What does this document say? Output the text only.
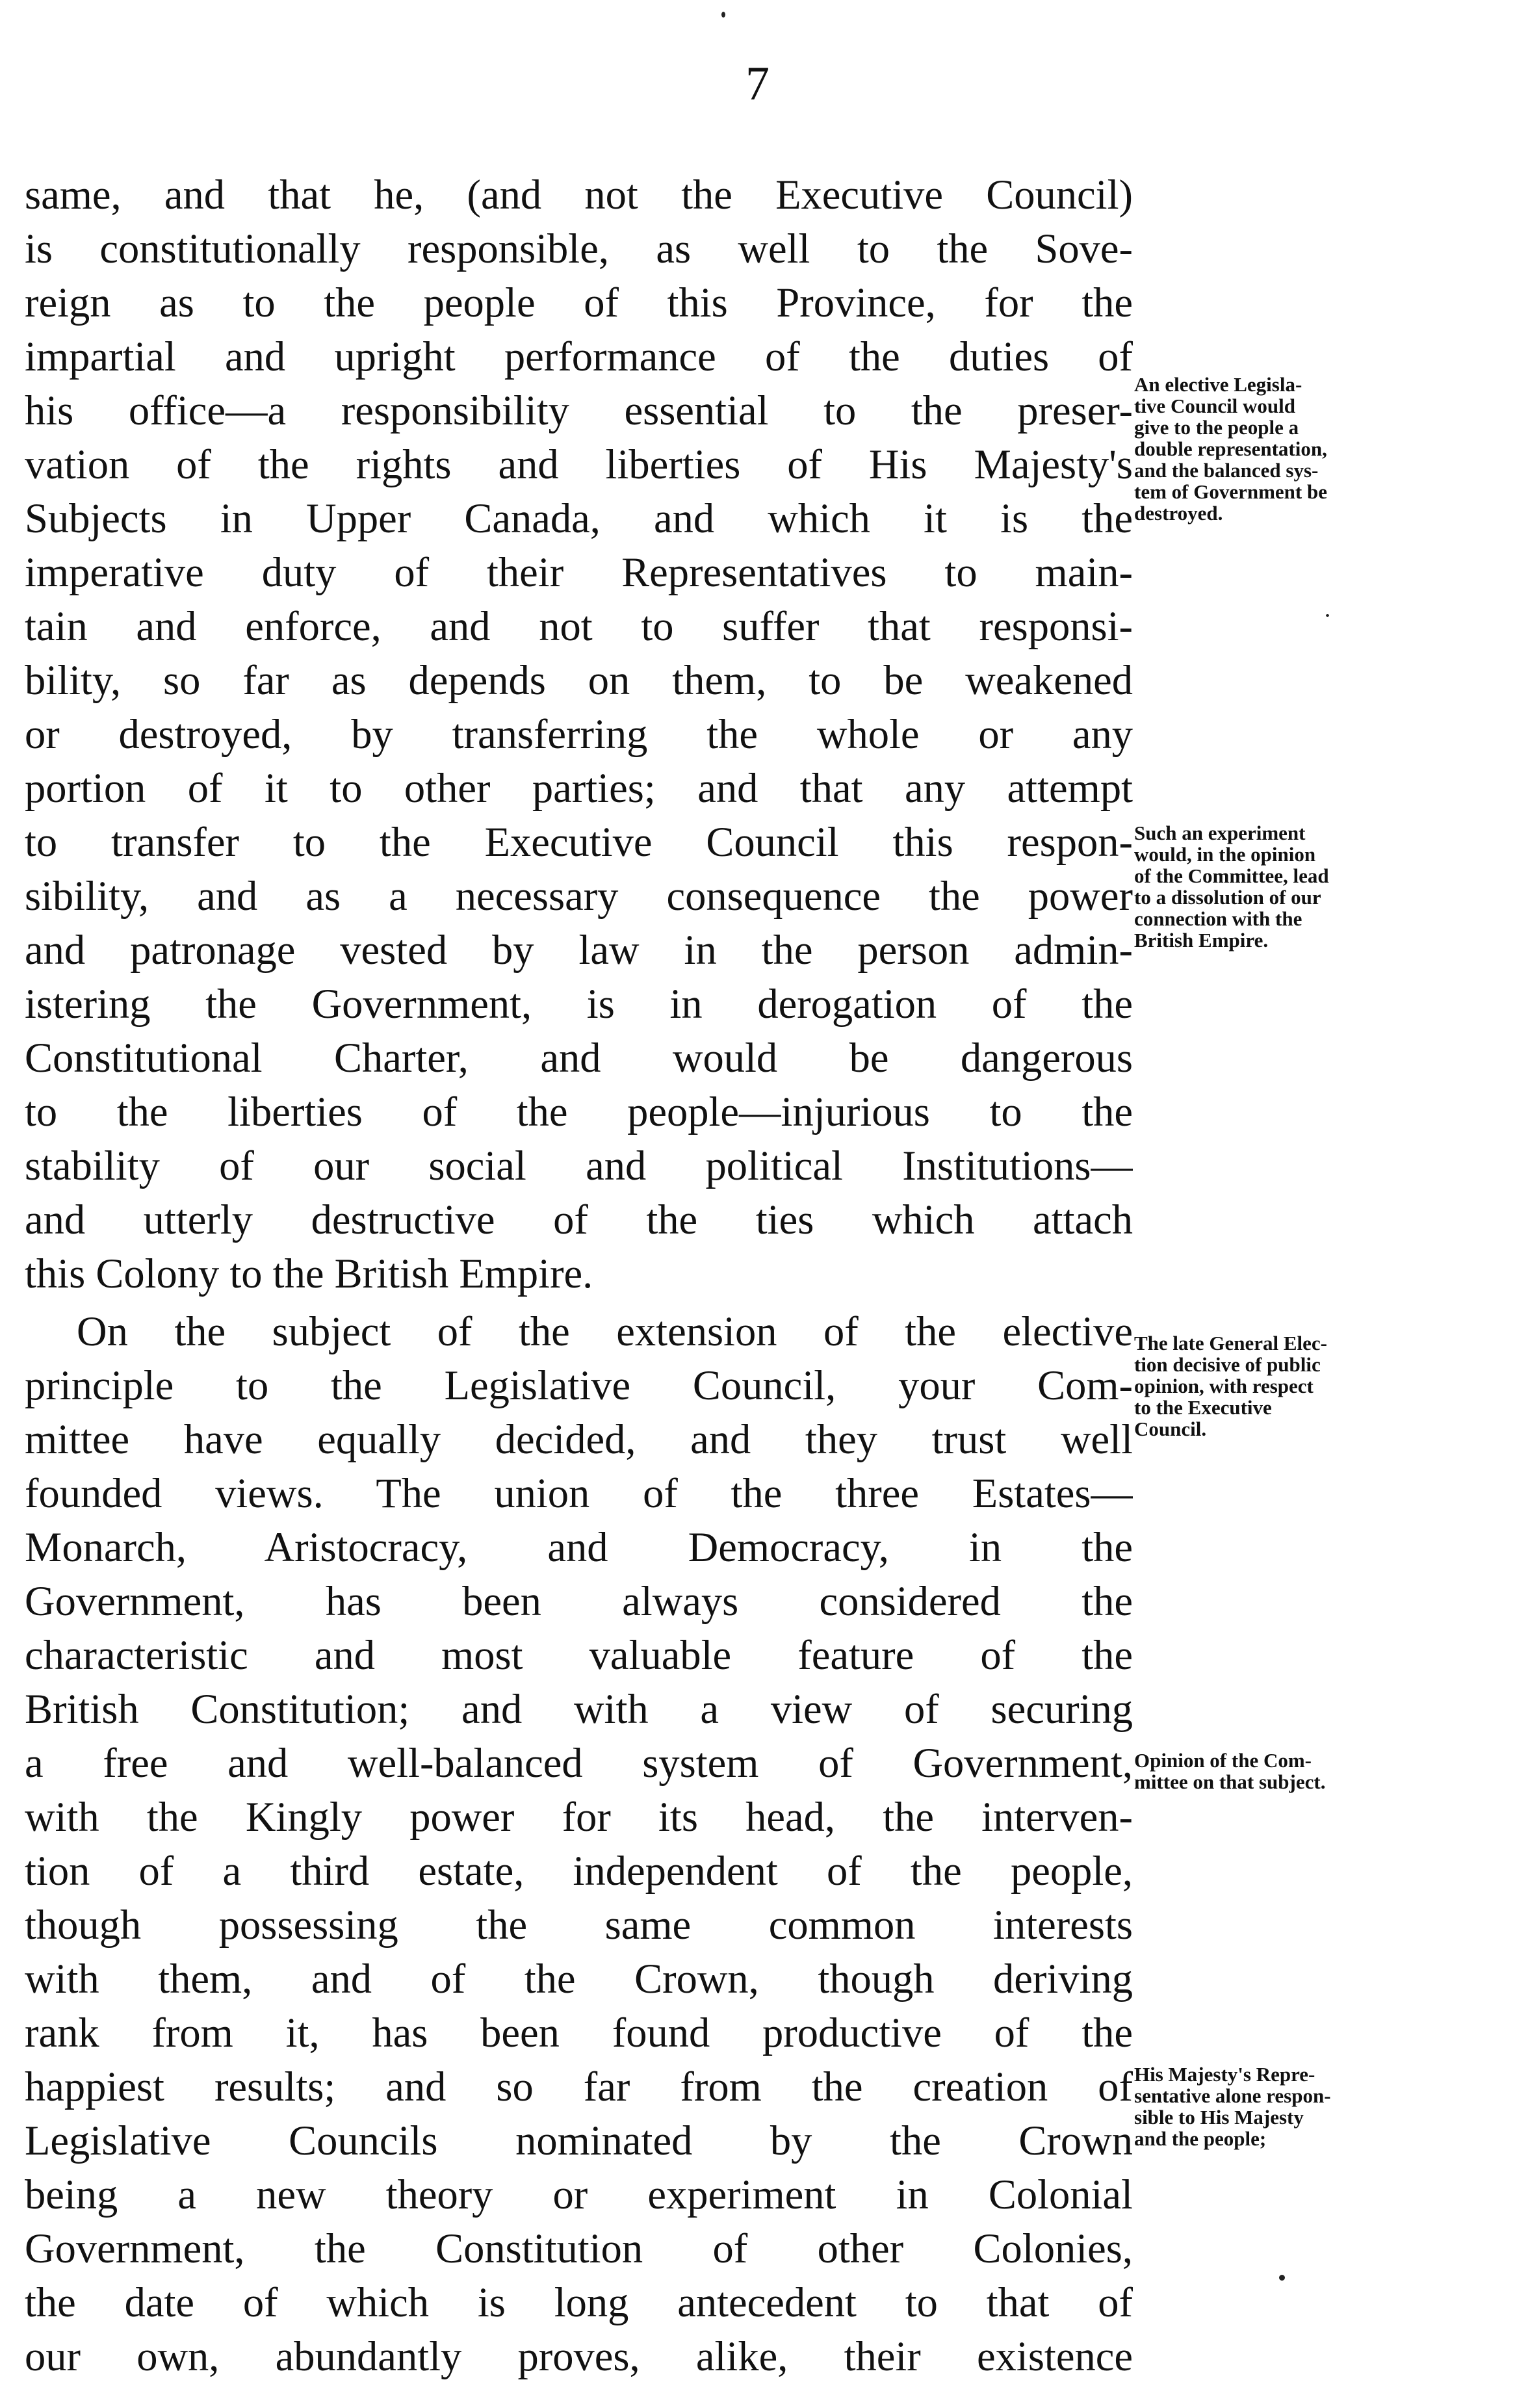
7
same, and that he, (and not the Executive Council)
is constitutionally responsible, as well to the Sove-
reign as to the people of this Province, for the
impartial and upright performance of the duties of
his office—a responsibility essential to the preser-
vation of the rights and liberties of His Majesty's
Subjects in Upper Canada, and which it is the
imperative duty of their Representatives to main-
tain and enforce, and not to suffer that responsi-
bility, so far as depends on them, to be weakened
or destroyed, by transferring the whole or any
portion of it to other parties; and that any attempt
to transfer to the Executive Council this respon-
sibility, and as a necessary consequence the power
and patronage vested by law in the person admin-
istering the Government, is in derogation of the
Constitutional Charter, and would be dangerous
to the liberties of the people—injurious to the
stability of our social and political Institutions—
and utterly destructive of the ties which attach
this Colony to the British Empire.
On the subject of the extension of the elective
principle to the Legislative Council, your Com-
mittee have equally decided, and they trust well
founded views. The union of the three Estates—
Monarch, Aristocracy, and Democracy, in the
Government, has been always considered the
characteristic and most valuable feature of the
British Constitution; and with a view of securing
a free and well-balanced system of Government,
with the Kingly power for its head, the interven-
tion of a third estate, independent of the people,
though possessing the same common interests
with them, and of the Crown, though deriving
rank from it, has been found productive of the
happiest results; and so far from the creation of
Legislative Councils nominated by the Crown
being a new theory or experiment in Colonial
Government, the Constitution of other Colonies,
the date of which is long antecedent to that of
our own, abundantly proves, alike, their existence
An elective Legisla-
tive Council would
give to the people a
double representation,
and the balanced sys-
tem of Government be
destroyed.
Such an experiment
would, in the opinion
of the Committee, lead
to a dissolution of our
connection with the
British Empire.
The late General Elec-
tion decisive of public
opinion, with respect
to the Executive
Council.
Opinion of the Com-
mittee on that subject.
His Majesty's Repre-
sentative alone respon-
sible to His Majesty
and the people;
